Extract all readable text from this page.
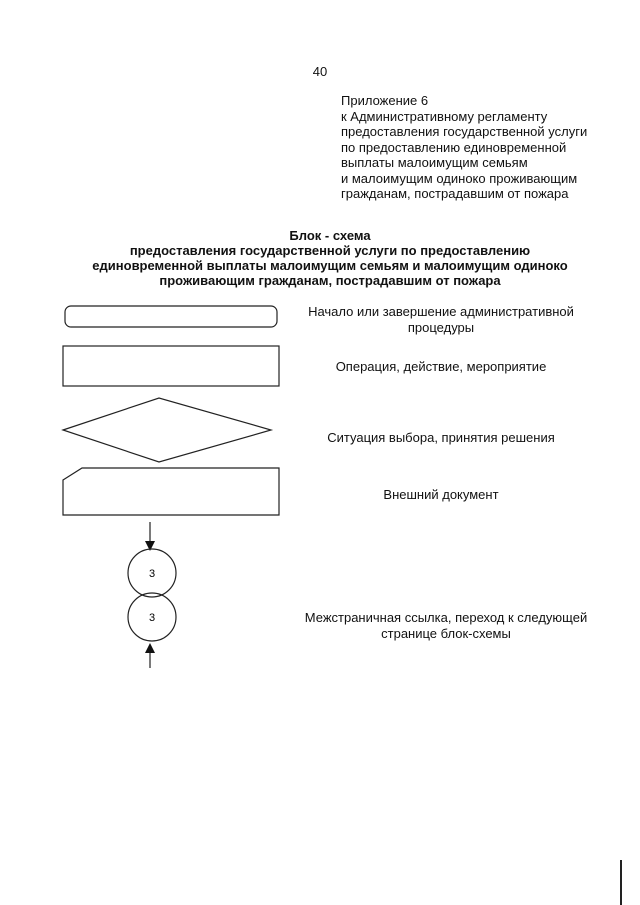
40
Приложение 6
к Административному регламенту
предоставления государственной услуги
по предоставлению единовременной
выплаты малоимущим семьям
и малоимущим одиноко проживающим
гражданам, пострадавшим от пожара
Блок - схема
предоставления государственной услуги по предоставлению
единовременной выплаты малоимущим семьям и малоимущим одиноко
проживающим гражданам, пострадавшим от пожара
3
3
Начало или завершение административной
процедуры
Операция, действие, мероприятие
Ситуация выбора, принятия решения
Внешний документ
Межстраничная ссылка, переход к следующей
странице блок-схемы
